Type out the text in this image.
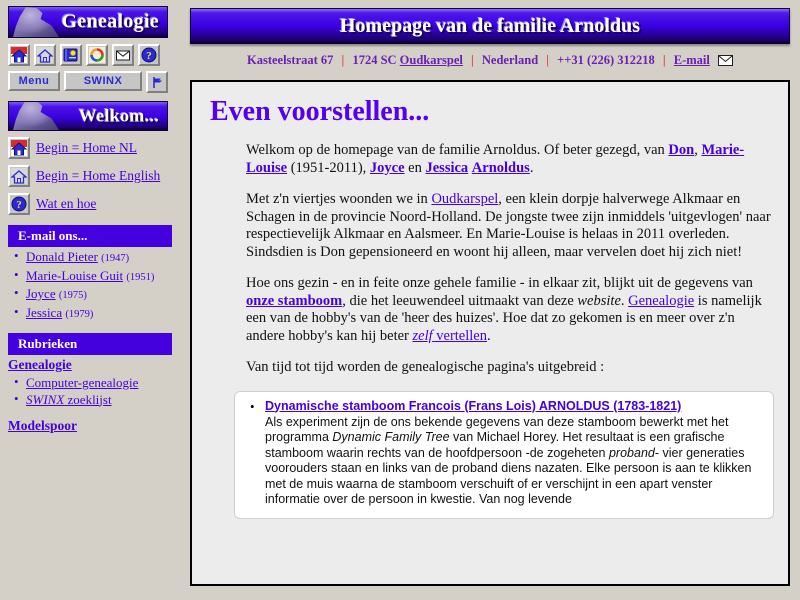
Genealogie
?
Menu	SWINX
Welkom...
Begin = Home NL
Begin = Home English
? Wat en hoe
E-mail ons...
• Donald Pieter (1947)
• Marie-Louise Guit (1951)
• Joyce (1975)
• Jessica (1979)
Rubrieken
Genealogie
• Computer-genealogie
• SWINX zoeklijst
Modelspoor
Homepage van de familie Arnoldus
Kasteelstraat 67 | 1724 SC Oudkarspel | Nederland | ++31 (226) 312218 | E-mail
Even voorstellen...

Welkom op de homepage van de familie Arnoldus. Of beter gezegd, van Don, Marie-Louise (1951-2011), Joyce en Jessica Arnoldus.

Met z'n viertjes woonden we in Oudkarspel, een klein dorpje halverwege Alkmaar en Schagen in de provincie Noord-Holland. De jongste twee zijn inmiddels 'uitgevlogen' naar respectievelijk Alkmaar en Aalsmeer. En Marie-Louise is helaas in 2011 overleden. Sindsdien is Don gepensioneerd en woont hij alleen, maar vervelen doet hij zich niet!

Hoe ons gezin - en in feite onze gehele familie - in elkaar zit, blijkt uit de gegevens van onze stamboom, die het leeuwendeel uitmaakt van deze website. Genealogie is namelijk een van de hobby's van de 'heer des huizes'. Hoe dat zo gekomen is en meer over z'n andere hobby's kan hij beter zelf vertellen.

Van tijd tot tijd worden de genealogische pagina's uitgebreid :

• Dynamische stamboom Francois (Frans Lois) ARNOLDUS (1783-1821)
Als experiment zijn de ons bekende gegevens van deze stamboom bewerkt met het programma Dynamic Family Tree van Michael Horey. Het resultaat is een grafische stamboom waarin rechts van de hoofdpersoon -de zogeheten proband- vier generaties voorouders staan en links van de proband diens nazaten. Elke persoon is aan te klikken met de muis waarna de stamboom verschuift of er verschijnt in een apart venster informatie over de persoon in kwestie. Van nog levende
